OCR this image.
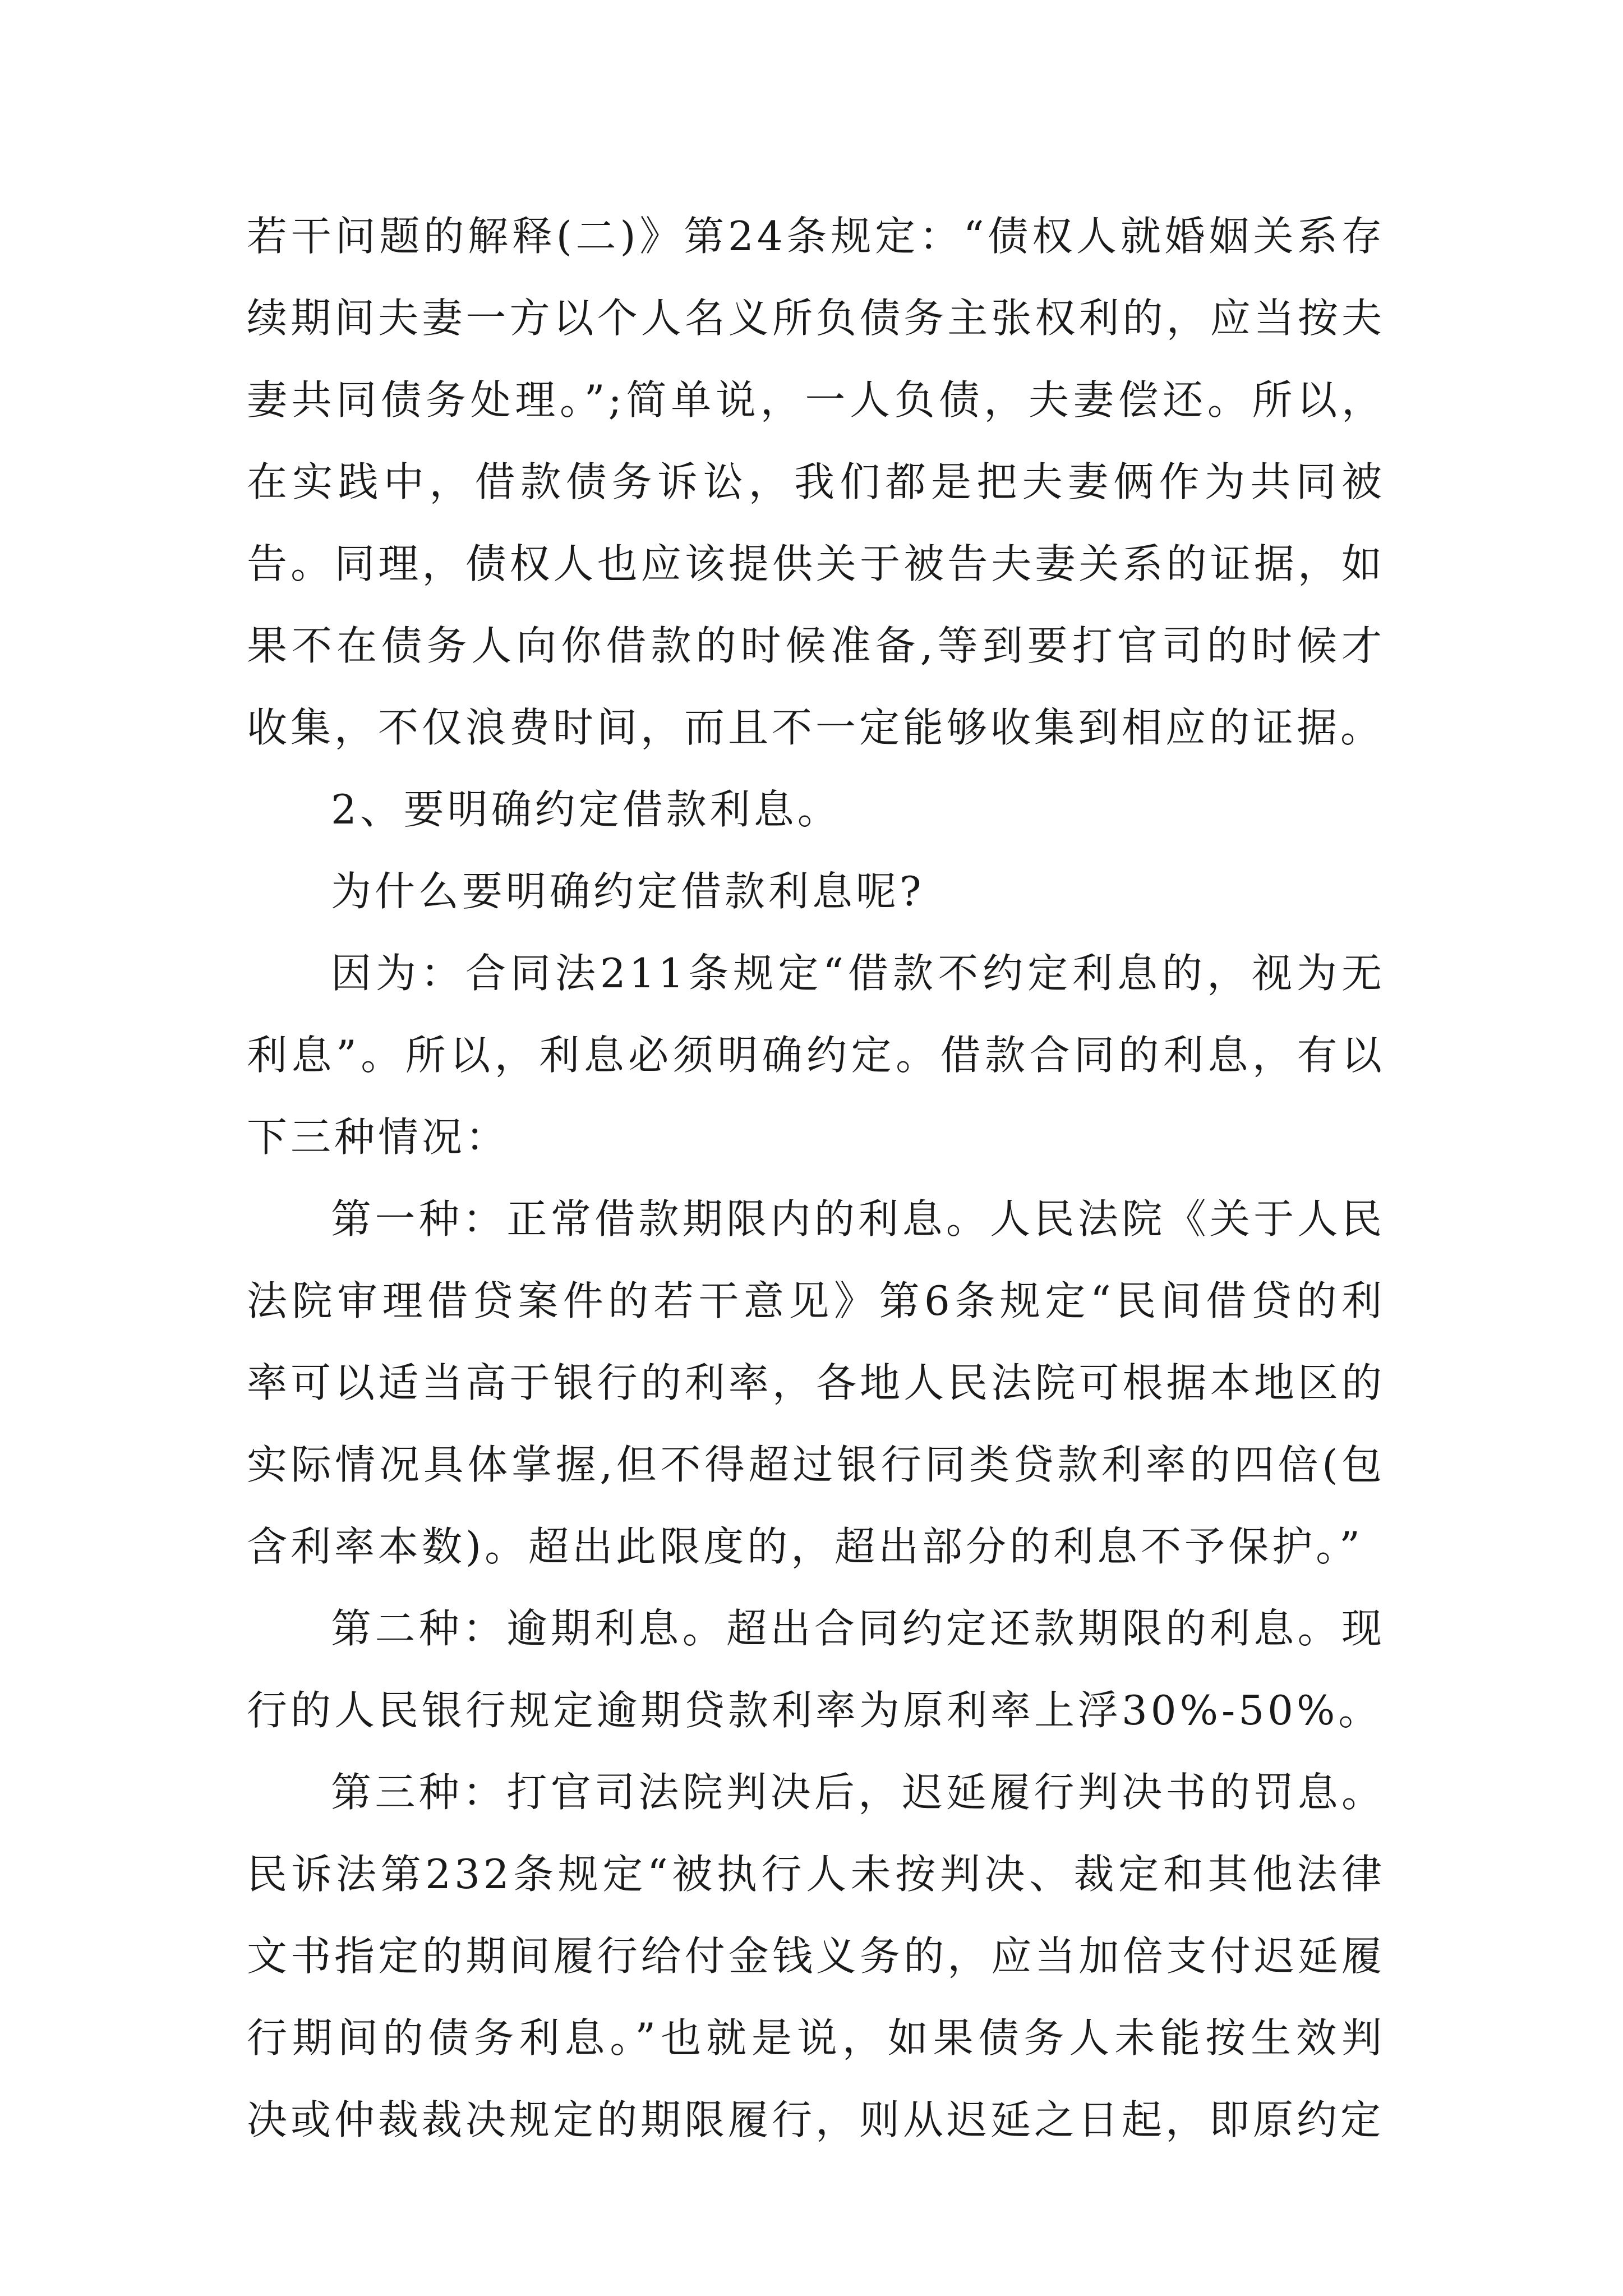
若干问题的解释(二)》第24条规定：“债权人就婚姻关系存续期间夫妻一方以个人名义所负债务主张权利的，应当按夫妻共同债务处理。”;简单说，一人负债，夫妻偿还。所以，在实践中，借款债务诉讼，我们都是把夫妻俩作为共同被告。同理，债权人也应该提供关于被告夫妻关系的证据，如果不在债务人向你借款的时候准备,等到要打官司的时候才收集，不仅浪费时间，而且不一定能够收集到相应的证据。

2、要明确约定借款利息。

为什么要明确约定借款利息呢?

因为：合同法211条规定“借款不约定利息的，视为无利息”。所以，利息必须明确约定。借款合同的利息，有以下三种情况：

第一种：正常借款期限内的利息。人民法院《关于人民法院审理借贷案件的若干意见》第6条规定“民间借贷的利率可以适当高于银行的利率，各地人民法院可根据本地区的实际情况具体掌握,但不得超过银行同类贷款利率的四倍(包含利率本数)。超出此限度的，超出部分的利息不予保护。”

第二种：逾期利息。超出合同约定还款期限的利息。现行的人民银行规定逾期贷款利率为原利率上浮30%-50%。

第三种：打官司法院判决后，迟延履行判决书的罚息。民诉法第232条规定“被执行人未按判决、裁定和其他法律文书指定的期间履行给付金钱义务的，应当加倍支付迟延履行期间的债务利息。”也就是说，如果债务人未能按生效判决或仲裁裁决规定的期限履行，则从迟延之日起，即原约定
